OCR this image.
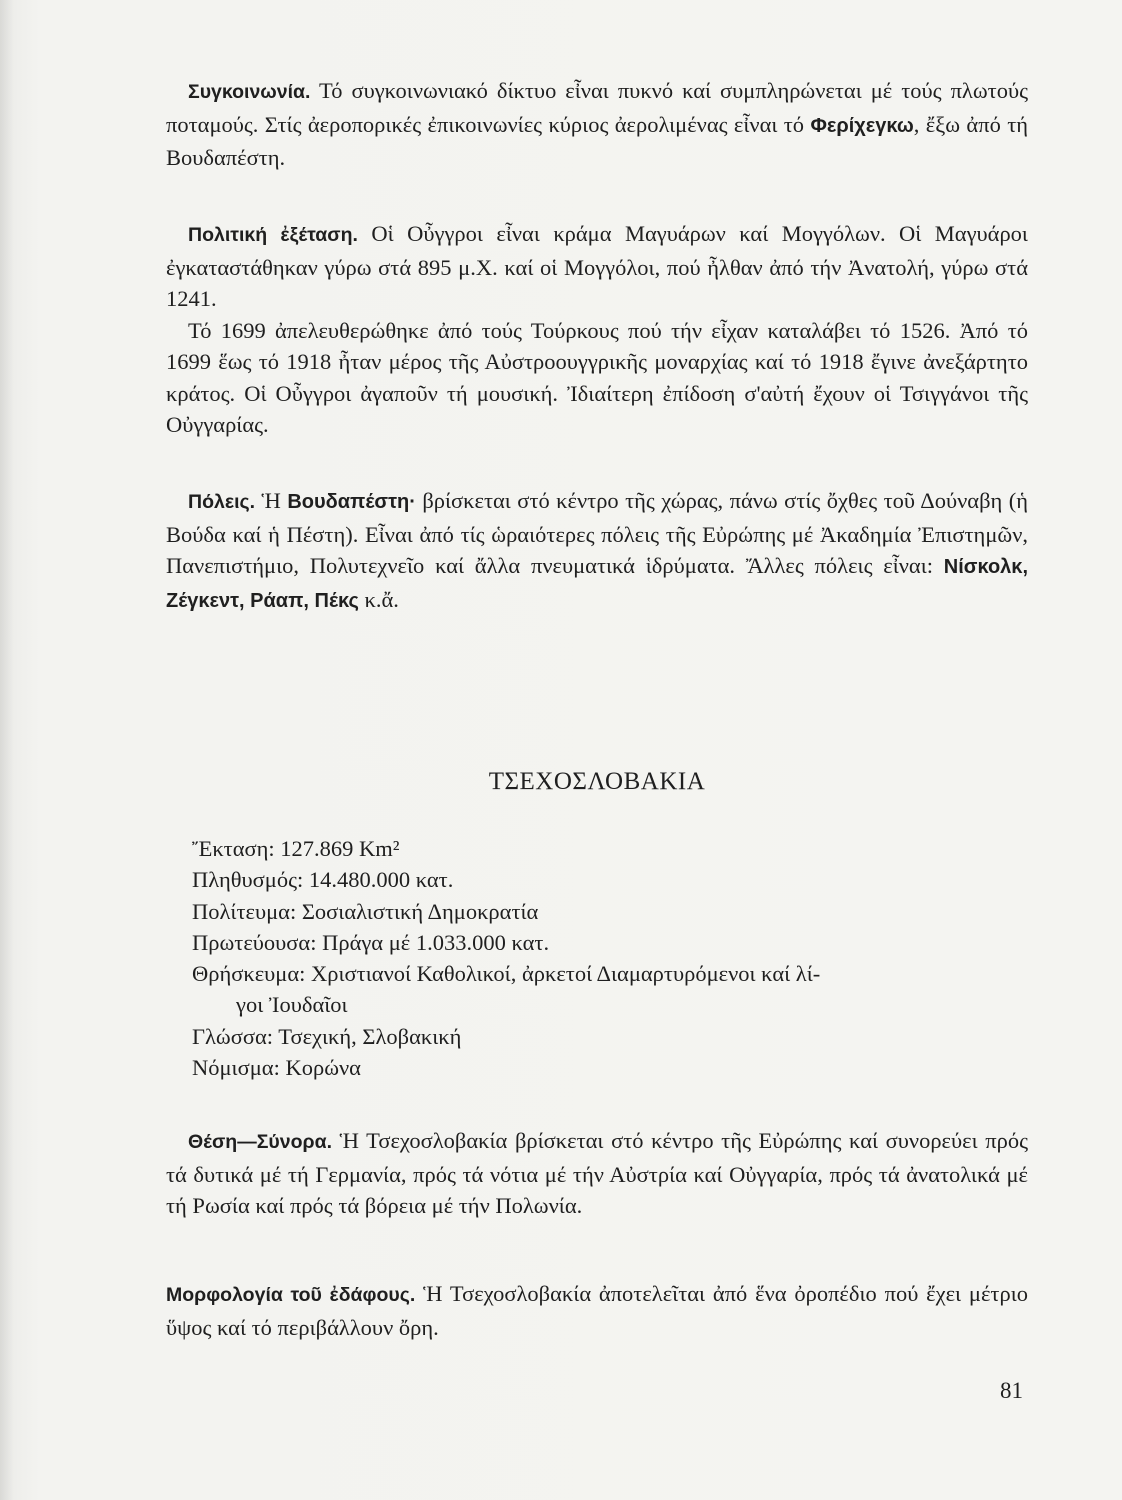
Συγκοινωνία. Τό συγκοινωνιακό δίκτυο εἶναι πυκνό καί συμπληρώνεται μέ τούς πλωτούς ποταμούς. Στίς ἀεροπορικές ἐπικοινωνίες κύριος ἀερολιμένας εἶναι τό Φερίχεγκω, ἔξω ἀπό τή Βουδαπέστη.

Πολιτική ἐξέταση. Οἱ Οὖγγροι εἶναι κράμα Μαγυάρων καί Μογγόλων. Οἱ Μαγυάροι ἐγκαταστάθηκαν γύρω στά 895 μ.Χ. καί οἱ Μογγόλοι, πού ἦλθαν ἀπό τήν Ἀνατολή, γύρω στά 1241.

Τό 1699 ἀπελευθερώθηκε ἀπό τούς Τούρκους πού τήν εἶχαν καταλάβει τό 1526. Ἀπό τό 1699 ἕως τό 1918 ἦταν μέρος τῆς Αὐστροουγγρικῆς μοναρχίας καί τό 1918 ἔγινε ἀνεξάρτητο κράτος. Οἱ Οὖγγροι ἀγαποῦν τή μουσική. Ἰδιαίτερη ἐπίδοση σ'αὐτή ἔχουν οἱ Τσιγγάνοι τῆς Οὐγγαρίας.

Πόλεις. Ἡ Βουδαπέστη· βρίσκεται στό κέντρο τῆς χώρας, πάνω στίς ὄχθες τοῦ Δούναβη (ἡ Βούδα καί ἡ Πέστη). Εἶναι ἀπό τίς ὡραιότερες πόλεις τῆς Εὐρώπης μέ Ἀκαδημία Ἐπιστημῶν, Πανεπιστήμιο, Πολυτεχνεῖο καί ἄλλα πνευματικά ἱδρύματα. Ἄλλες πόλεις εἶναι: Νίσκολκ, Ζέγκεντ, Ράαπ, Πέκς κ.ἄ.

ΤΣΕΧΟΣΛΟΒΑΚΙΑ
Ἔκταση: 127.869 Km²
Πληθυσμός: 14.480.000 κατ.
Πολίτευμα: Σοσιαλιστική Δημοκρατία
Πρωτεύουσα: Πράγα μέ 1.033.000 κατ.
Θρήσκευμα: Χριστιανοί Καθολικοί, ἀρκετοί Διαμαρτυρόμενοι καί λί-
γοι Ἰουδαῖοι
Γλώσσα: Τσεχική, Σλοβακική
Νόμισμα: Κορώνα

Θέση—Σύνορα. Ἡ Τσεχοσλοβακία βρίσκεται στό κέντρο τῆς Εὐρώπης καί συνορεύει πρός τά δυτικά μέ τή Γερμανία, πρός τά νότια μέ τήν Αὐστρία καί Οὐγγαρία, πρός τά ἀνατολικά μέ τή Ρωσία καί πρός τά βόρεια μέ τήν Πολωνία.

Μορφολογία τοῦ ἐδάφους. Ἡ Τσεχοσλοβακία ἀποτελεῖται ἀπό ἕνα ὀροπέδιο πού ἔχει μέτριο ὕψος καί τό περιβάλλουν ὄρη.

81
